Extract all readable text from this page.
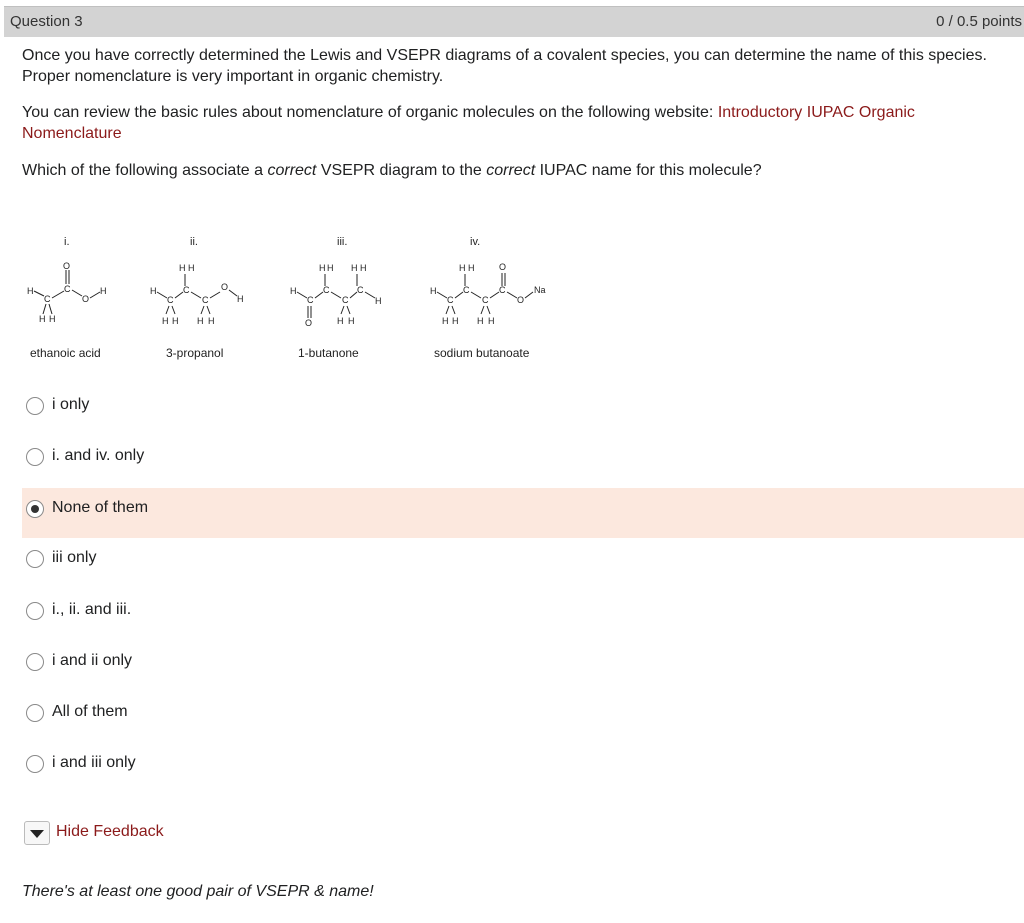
Question 3	0 / 0.5 points
Once you have correctly determined the Lewis and VSEPR diagrams of a covalent species, you can determine the name of this species. Proper nomenclature is very important in organic chemistry.
You can review the basic rules about nomenclature of organic molecules on the following website: Introductory IUPAC Organic Nomenclature
Which of the following associate a correct VSEPR diagram to the correct IUPAC name for this molecule?
i.	ii.	iii.	iv.
H
C
C
O
O
H
H H
H H
H
C
C
C
O
H
H H H H
H H H H
H
C
C
C
C
H
O	H H
H H	O
H
C
C
C
C
O
Na
H H H H
ethanoic acid	3-propanol	1-butanone	sodium butanoate
i only
i. and iv. only
None of them
iii only
i., ii. and iii.
i and ii only
All of them
i and iii only
Hide Feedback
There's at least one good pair of VSEPR & name!
